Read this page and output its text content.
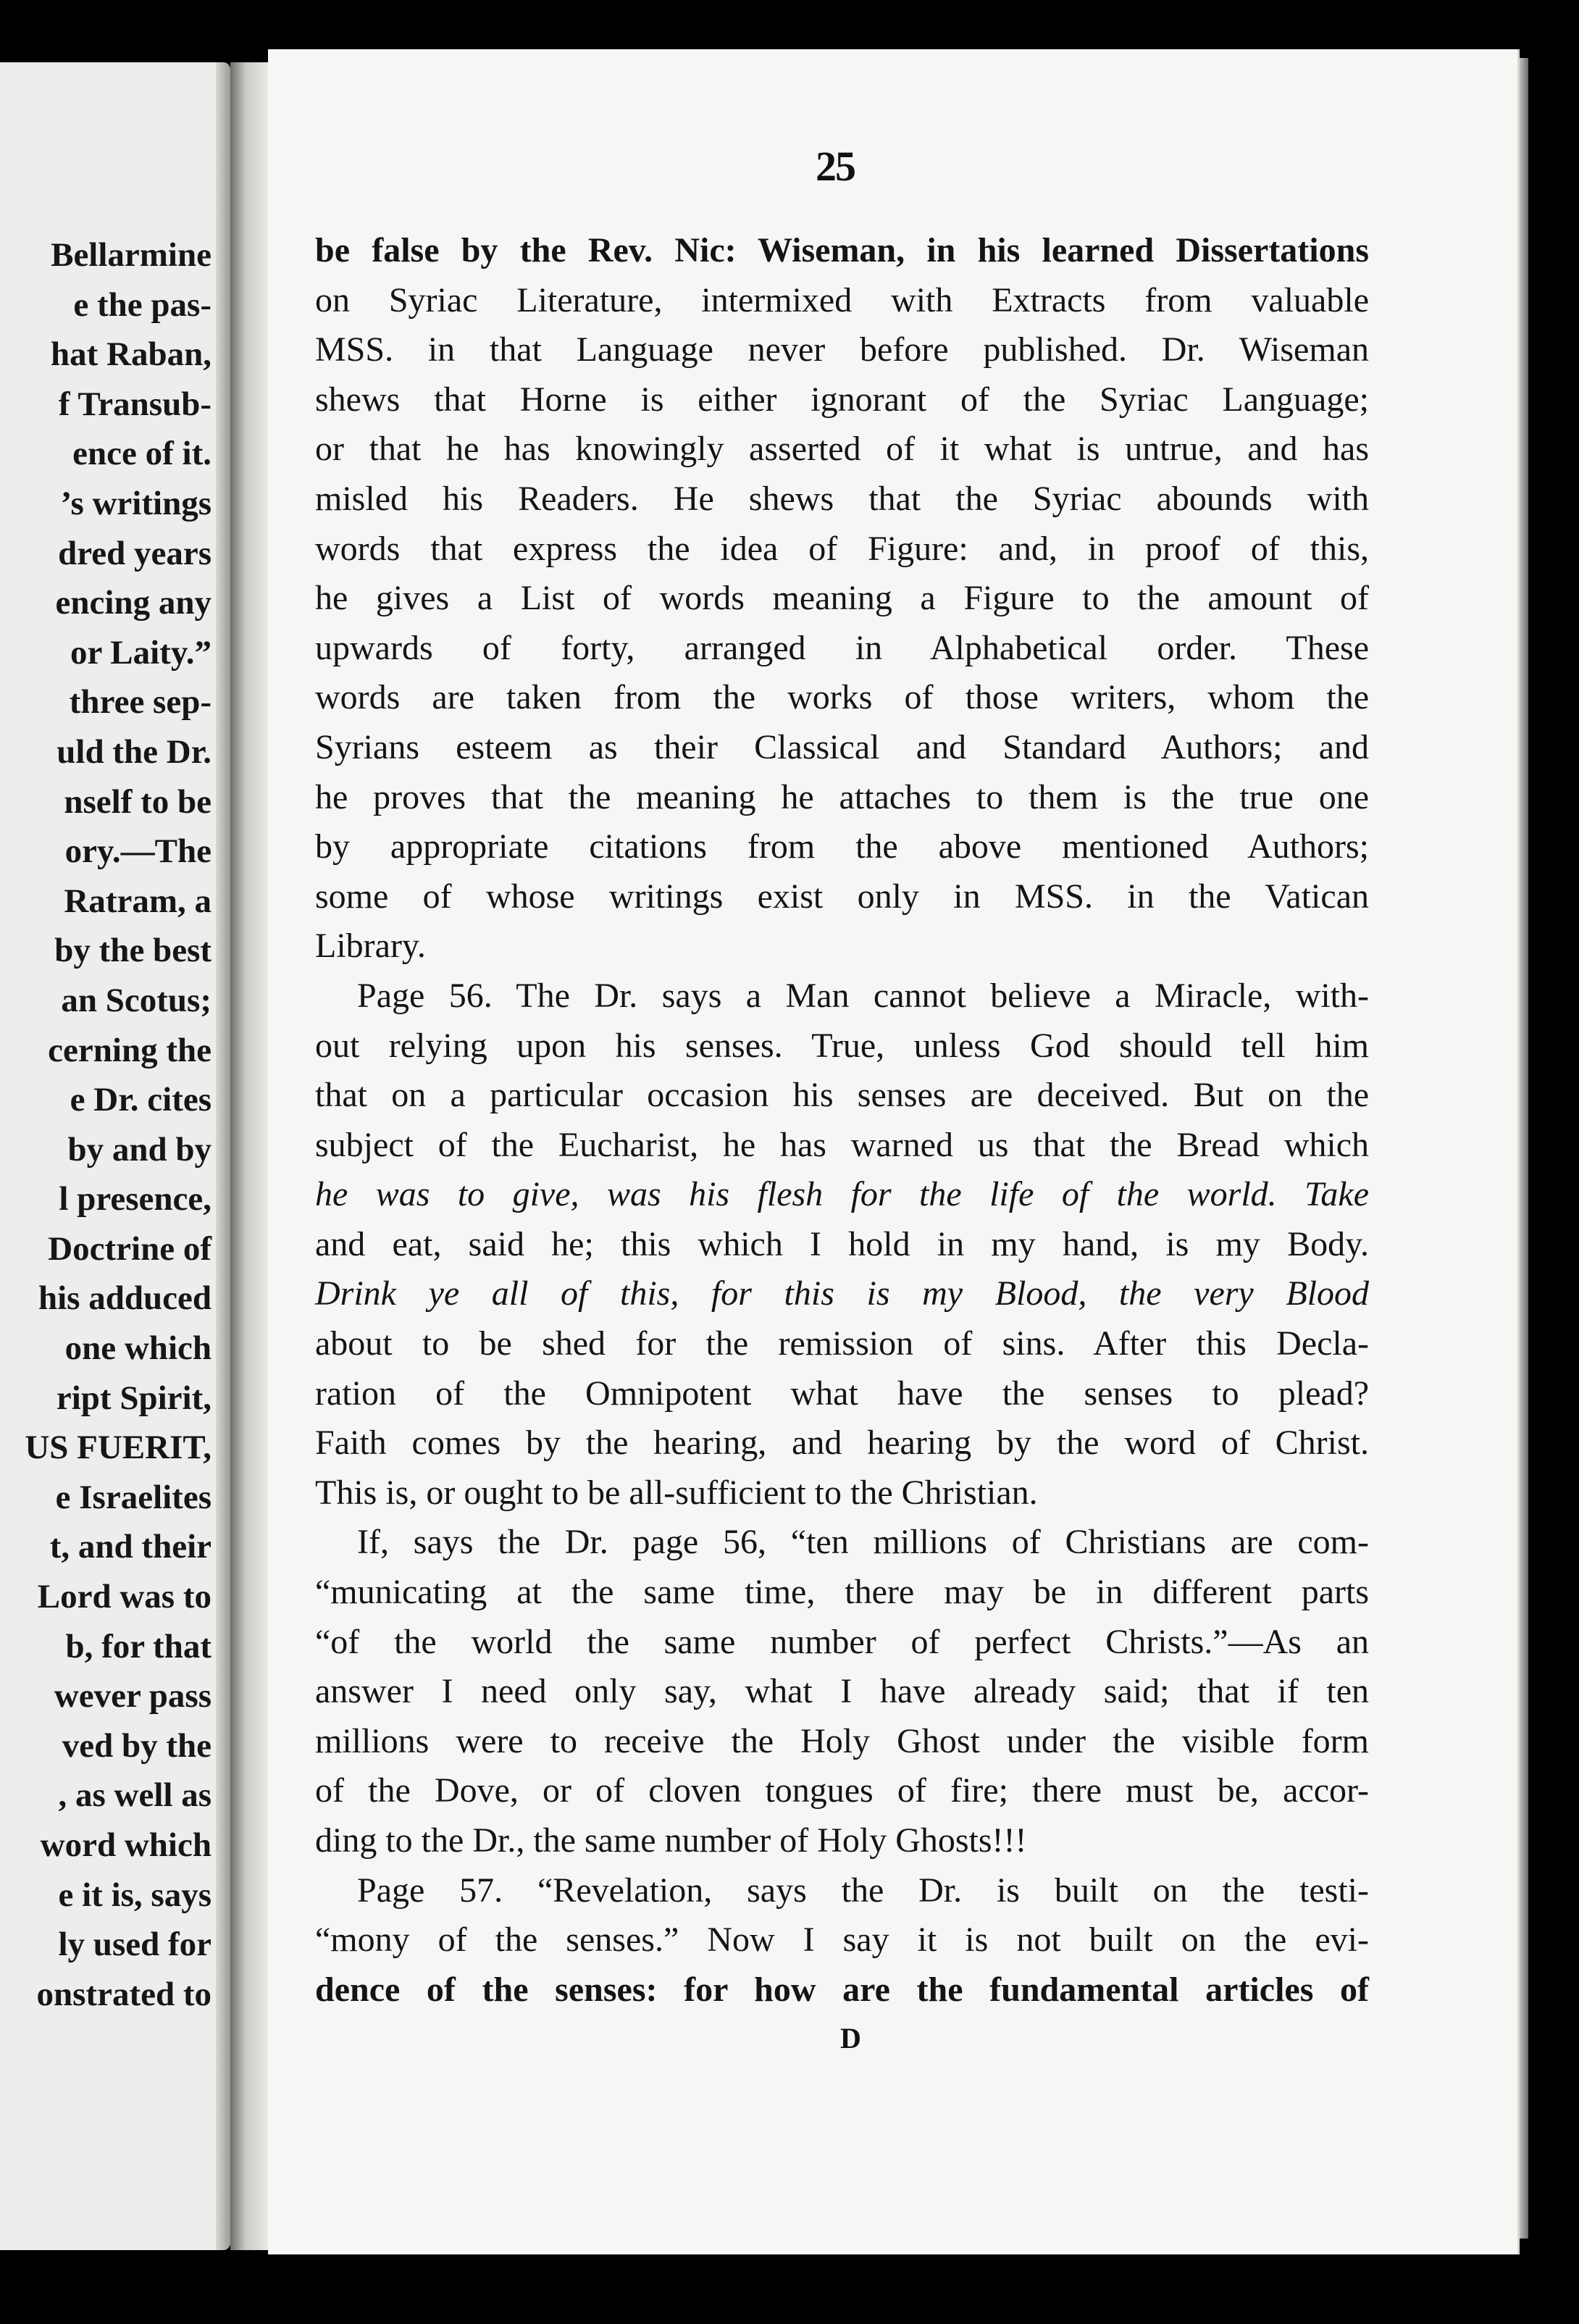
Bellarmine
e the pas-
hat Raban,
f Transub-
ence of it.
’s writings
dred years
encing any
or Laity.”
three sep-
uld the Dr.
nself to be
ory.—The
Ratram, a
by the best
an Scotus;
cerning the
e Dr. cites
by and by
l presence,
Doctrine of
his adduced
one which
ript Spirit,
US FUERIT,
e Israelites
t, and their
Lord was to
b, for that
wever pass
ved by the
, as well as
word which
e it is, says
ly used for
onstrated to
25
be false by the Rev. Nic: Wiseman, in his learned Dissertations
on Syriac Literature, intermixed with Extracts from valuable
MSS. in that Language never before published. Dr. Wiseman
shews that Horne is either ignorant of the Syriac Language;
or that he has knowingly asserted of it what is untrue, and has
misled his Readers. He shews that the Syriac abounds with
words that express the idea of Figure: and, in proof of this,
he gives a List of words meaning a Figure to the amount of
upwards of forty, arranged in Alphabetical order. These
words are taken from the works of those writers, whom the
Syrians esteem as their Classical and Standard Authors; and
he proves that the meaning he attaches to them is the true one
by appropriate citations from the above mentioned Authors;
some of whose writings exist only in MSS. in the Vatican
Library.
Page 56. The Dr. says a Man cannot believe a Miracle, with-
out relying upon his senses. True, unless God should tell him
that on a particular occasion his senses are deceived. But on the
subject of the Eucharist, he has warned us that the Bread which
he was to give, was his flesh for the life of the world. Take
and eat, said he; this which I hold in my hand, is my Body.
Drink ye all of this, for this is my Blood, the very Blood
about to be shed for the remission of sins. After this Decla-
ration of the Omnipotent what have the senses to plead?
Faith comes by the hearing, and hearing by the word of Christ.
This is, or ought to be all-sufficient to the Christian.
If, says the Dr. page 56, “ten millions of Christians are com-
“municating at the same time, there may be in different parts
“of the world the same number of perfect Christs.”—As an
answer I need only say, what I have already said; that if ten
millions were to receive the Holy Ghost under the visible form
of the Dove, or of cloven tongues of fire; there must be, accor-
ding to the Dr., the same number of Holy Ghosts!!!
Page 57. “Revelation, says the Dr. is built on the testi-
“mony of the senses.” Now I say it is not built on the evi-
dence of the senses: for how are the fundamental articles of
D
